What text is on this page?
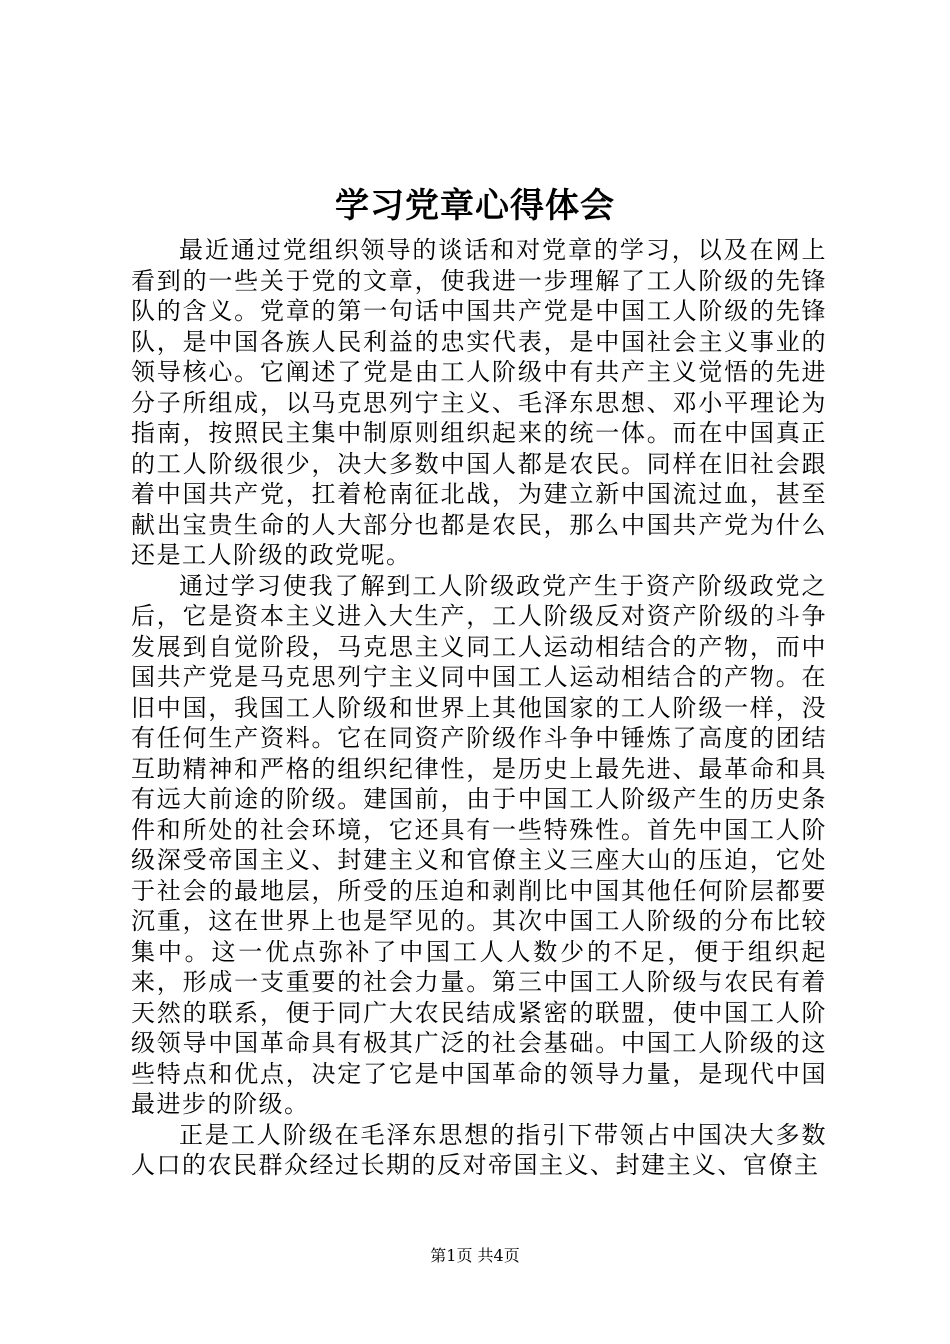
学习党章心得体会

最近通过党组织领导的谈话和对党章的学习，以及在网上看到的一些关于党的文章，使我进一步理解了工人阶级的先锋队的含义。党章的第一句话中国共产党是中国工人阶级的先锋队，是中国各族人民利益的忠实代表，是中国社会主义事业的领导核心。它阐述了党是由工人阶级中有共产主义觉悟的先进分子所组成，以马克思列宁主义、毛泽东思想、邓小平理论为指南，按照民主集中制原则组织起来的统一体。而在中国真正的工人阶级很少，决大多数中国人都是农民。同样在旧社会跟着中国共产党，扛着枪南征北战，为建立新中国流过血，甚至献出宝贵生命的人大部分也都是农民，那么中国共产党为什么还是工人阶级的政党呢。

通过学习使我了解到工人阶级政党产生于资产阶级政党之后，它是资本主义进入大生产，工人阶级反对资产阶级的斗争发展到自觉阶段，马克思主义同工人运动相结合的产物，而中国共产党是马克思列宁主义同中国工人运动相结合的产物。在旧中国，我国工人阶级和世界上其他国家的工人阶级一样，没有任何生产资料。它在同资产阶级作斗争中锤炼了高度的团结互助精神和严格的组织纪律性，是历史上最先进、最革命和具有远大前途的阶级。建国前，由于中国工人阶级产生的历史条件和所处的社会环境，它还具有一些特殊性。首先中国工人阶级深受帝国主义、封建主义和官僚主义三座大山的压迫，它处于社会的最地层，所受的压迫和剥削比中国其他任何阶层都要沉重，这在世界上也是罕见的。其次中国工人阶级的分布比较集中。这一优点弥补了中国工人人数少的不足，便于组织起来，形成一支重要的社会力量。第三中国工人阶级与农民有着天然的联系，便于同广大农民结成紧密的联盟，使中国工人阶级领导中国革命具有极其广泛的社会基础。中国工人阶级的这些特点和优点，决定了它是中国革命的领导力量，是现代中国最进步的阶级。

正是工人阶级在毛泽东思想的指引下带领占中国决大多数人口的农民群众经过长期的反对帝国主义、封建主义、官僚主

第1页 共4页
